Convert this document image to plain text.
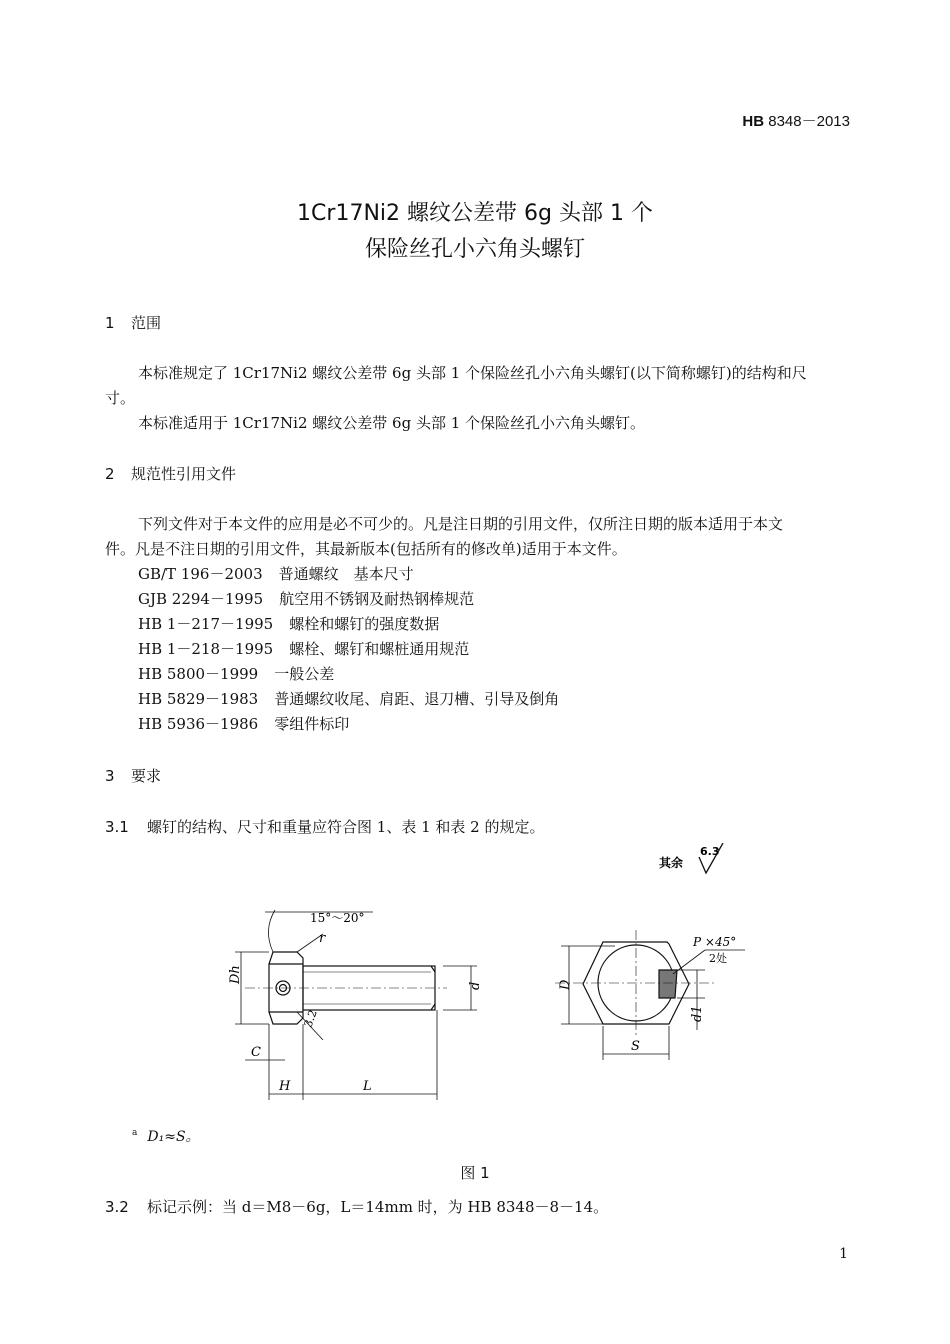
HB 8348－2013
1Cr17Ni2 螺纹公差带 6g 头部 1 个
保险丝孔小六角头螺钉
1 范围
本标准规定了 1Cr17Ni2 螺纹公差带 6g 头部 1 个保险丝孔小六角头螺钉(以下简称螺钉)的结构和尺
寸。
本标准适用于 1Cr17Ni2 螺纹公差带 6g 头部 1 个保险丝孔小六角头螺钉。
2 规范性引用文件
下列文件对于本文件的应用是必不可少的。凡是注日期的引用文件，仅所注日期的版本适用于本文
件。凡是不注日期的引用文件，其最新版本(包括所有的修改单)适用于本文件。
GB/T 196－2003 普通螺纹　基本尺寸
GJB 2294－1995 航空用不锈钢及耐热钢棒规范
HB 1－217－1995 螺栓和螺钉的强度数据
HB 1－218－1995 螺栓、螺钉和螺桩通用规范
HB 5800－1999 一般公差
HB 5829－1983 普通螺纹收尾、肩距、退刀槽、引导及倒角
HB 5936－1986 零组件标印
3 要求
3.1 螺钉的结构、尺寸和重量应符合图 1、表 1 和表 2 的规定。
其余
6.3
15°～20°
r
Dh
d
C
H	L
3.2
P ×45°
2处
D
S
d1
$^a$ D₁≈S。
图 1
3.2 标记示例：当 d＝M8－6g，L＝14mm 时，为 HB 8348－8－14。
1
